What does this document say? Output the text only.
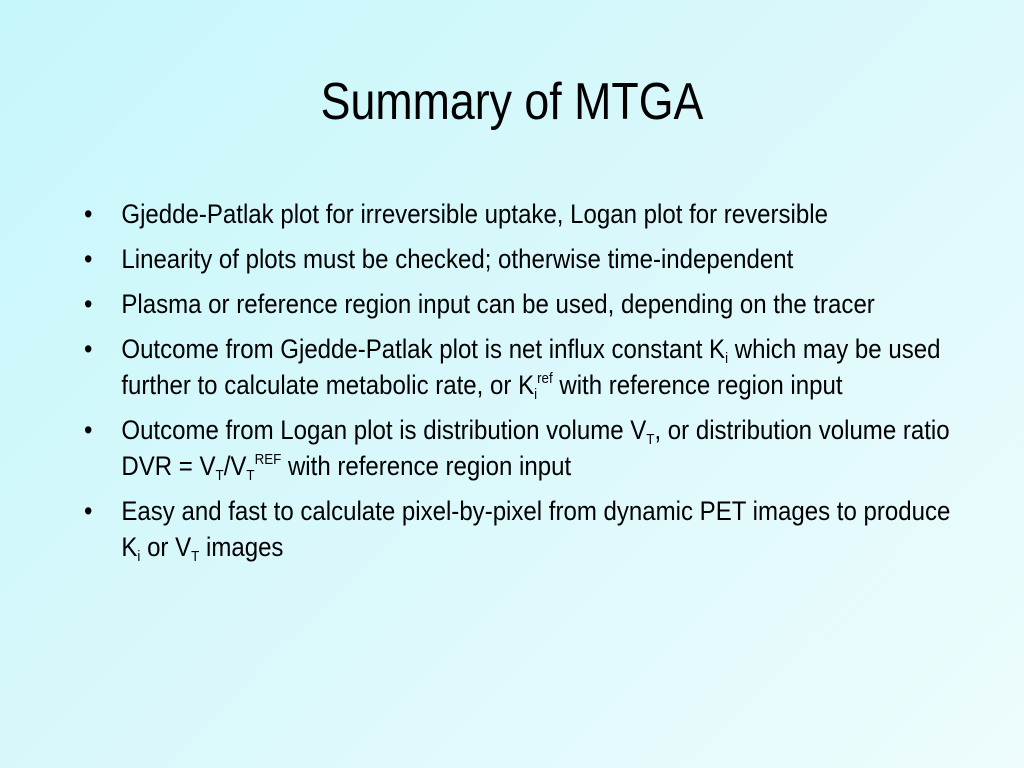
Summary of MTGA
• Gjedde-Patlak plot for irreversible uptake, Logan plot for reversible
• Linearity of plots must be checked; otherwise time-independent
• Plasma or reference region input can be used, depending on the tracer
• Outcome from Gjedde-Patlak plot is net influx constant $K_i$ which may be used further to calculate metabolic rate, or $K_i^{ref}$ with reference region input
• Outcome from Logan plot is distribution volume $V_T$, or distribution volume ratio DVR = $V_T/V_T^{REF}$ with reference region input
• Easy and fast to calculate pixel-by-pixel from dynamic PET images to produce $K_i$ or $V_T$ images
